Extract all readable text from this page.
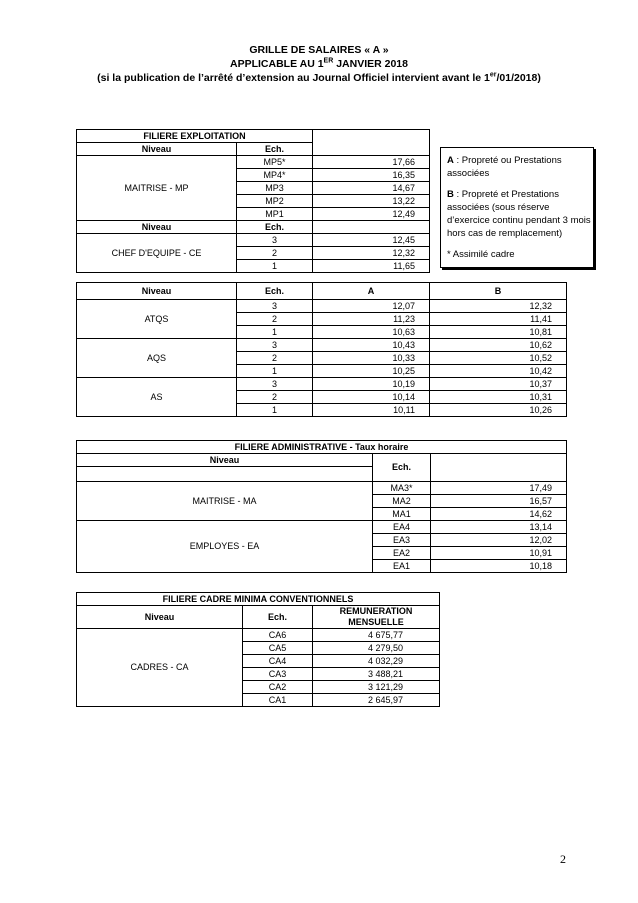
GRILLE DE SALAIRES « A »
APPLICABLE AU 1ER JANVIER 2018
(si la publication de l’arrêté d’extension au Journal Officiel intervient avant le 1er/01/2018)
FILIERE EXPLOITATION		
Niveau	Ech.	
MAITRISE - MP	MP5*	17,66
	MP4*	16,35
	MP3	14,67
	MP2	13,22
	MP1	12,49
Niveau	Ech.	
CHEF D'EQUIPE - CE	3	12,45
	2	12,32
	1	11,65
Niveau	Ech.	A	B
ATQS	3	12,07	12,32
	2	11,23	11,41
	1	10,63	10,81
AQS	3	10,43	10,62
	2	10,33	10,52
	1	10,25	10,42
AS	3	10,19	10,37
	2	10,14	10,31
	1	10,11	10,26

A : Propreté ou Prestations associées

B : Propreté et Prestations associées (sous réserve d’exercice continu pendant 3 mois hors cas de remplacement)

* Assimilé cadre

FILIERE ADMINISTRATIVE - Taux horaire		
Niveau	Ech.	

MAITRISE - MA	MA3*	17,49
	MA2	16,57
	MA1	14,62
EMPLOYES - EA	EA4	13,14
	EA3	12,02
	EA2	10,91
	EA1	10,18
FILIERE CADRE MINIMA CONVENTIONNELS		
Niveau	Ech.	REMUNERATION MENSUELLE
CADRES - CA	CA6	4 675,77
	CA5	4 279,50
	CA4	4 032,29
	CA3	3 488,21
	CA2	3 121,29
	CA1	2 645,97
2
